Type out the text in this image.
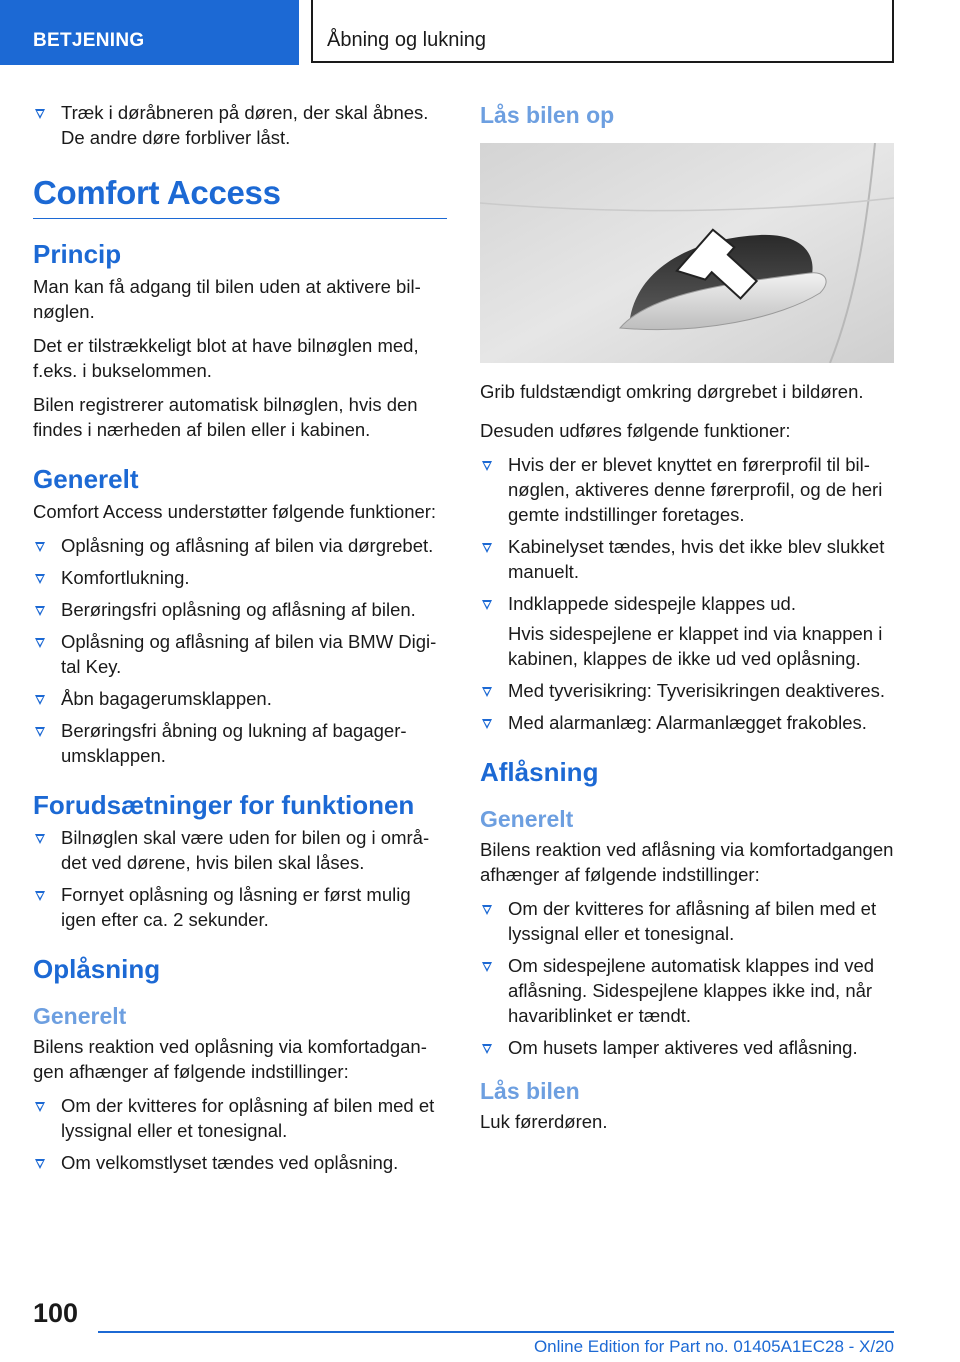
BETJENING	Åbning og lukning
Træk i døråbneren på døren, der skal åbnes. De andre døre forbliver låst.
Comfort Access
Princip

Man kan få adgang til bilen uden at aktivere bilnøglen.

Det er tilstrækkeligt blot at have bilnøglen med, f.eks. i bukselommen.

Bilen registrerer automatisk bilnøglen, hvis den findes i nærheden af bilen eller i kabinen.

Generelt

Comfort Access understøtter følgende funktioner:

Oplåsning og aflåsning af bilen via dørgrebet.
Komfortlukning.
Berøringsfri oplåsning og aflåsning af bilen.
Oplåsning og aflåsning af bilen via BMW Digital Key.
Åbn bagagerumsklappen.
Berøringsfri åbning og lukning af bagagerumsklappen.
Forudsætninger for funktionen
Bilnøglen skal være uden for bilen og i området ved dørene, hvis bilen skal låses.
Fornyet oplåsning og låsning er først mulig igen efter ca. 2 sekunder.
Oplåsning
Generelt

Bilens reaktion ved oplåsning via komfortadgangen afhænger af følgende indstillinger:

Om der kvitteres for oplåsning af bilen med et lyssignal eller et tonesignal.
Om velkomstlyset tændes ved oplåsning.
Lås bilen op

Grib fuldstændigt omkring dørgrebet i bildøren.

Desuden udføres følgende funktioner:

Hvis der er blevet knyttet en førerprofil til bilnøglen, aktiveres denne førerprofil, og de heri gemte indstillinger foretages.
Kabinelyset tændes, hvis det ikke blev slukket manuelt.
Indklappede sidespejle klappes ud.
Hvis sidespejlene er klappet ind via knappen i kabinen, klappes de ikke ud ved oplåsning.
Med tyverisikring: Tyverisikringen deaktiveres.
Med alarmanlæg: Alarmanlægget frakobles.
Aflåsning
Generelt

Bilens reaktion ved aflåsning via komfortadgangen afhænger af følgende indstillinger:

Om der kvitteres for aflåsning af bilen med et lyssignal eller et tonesignal.
Om sidespejlene automatisk klappes ind ved aflåsning. Sidespejlene klappes ikke ind, når havariblinket er tændt.
Om husets lamper aktiveres ved aflåsning.
Lås bilen

Luk førerdøren.

100
Online Edition for Part no. 01405A1EC28 - X/20
